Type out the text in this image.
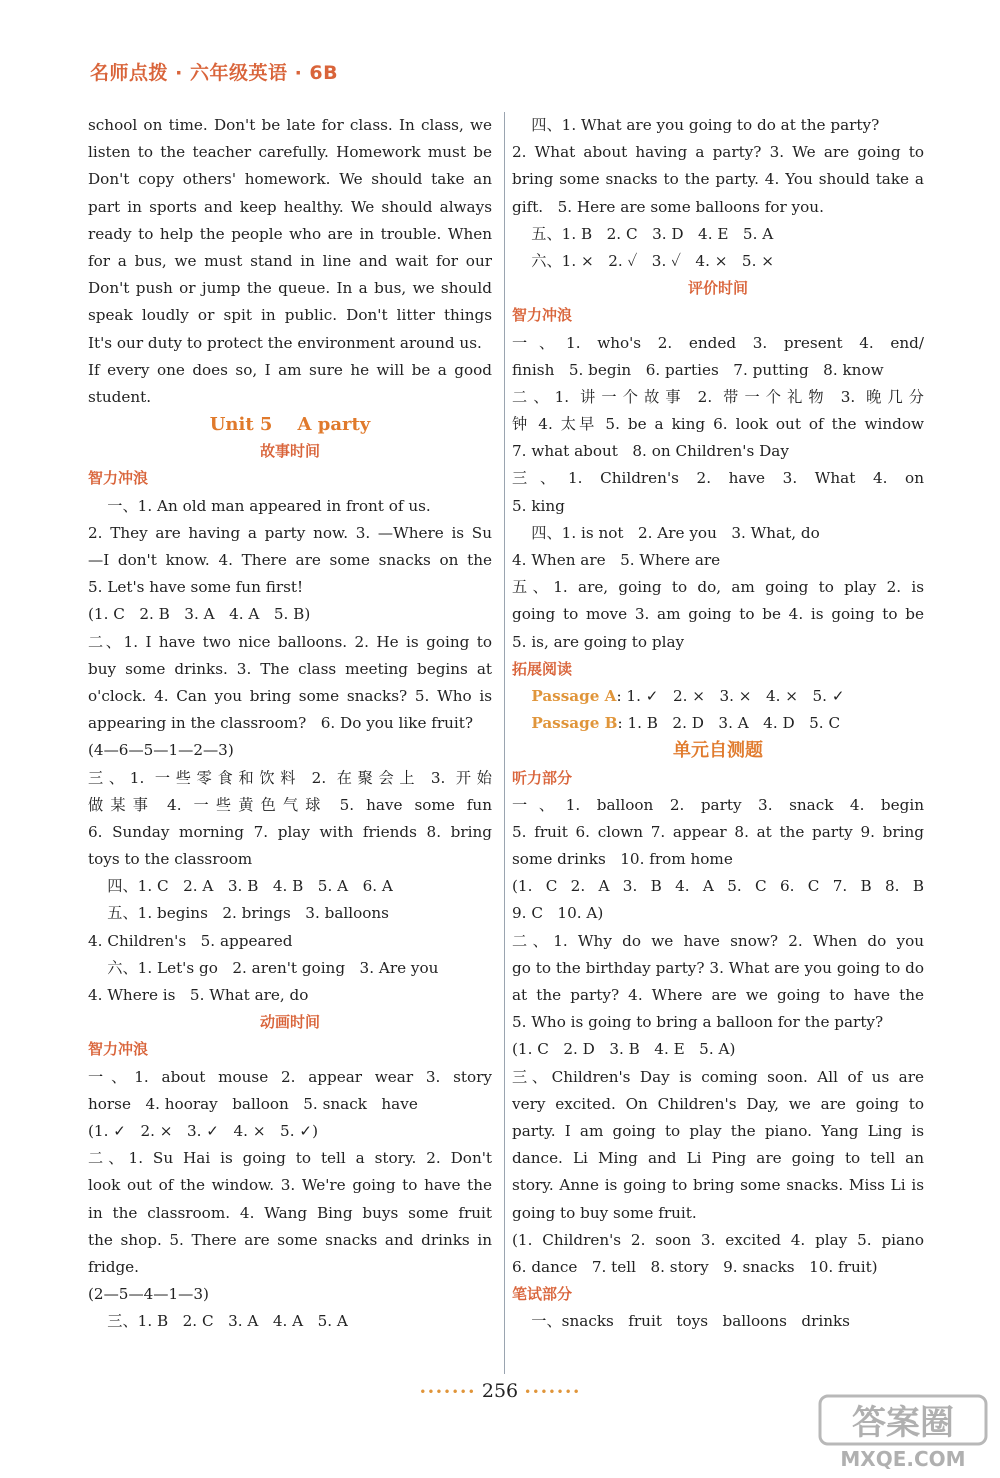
名师点拨 · 六年级英语 · 6B
school on time. Don't be late for class. In class, we
listen to the teacher carefully. Homework must be
Don't copy others' homework. We should take an
part in sports and keep healthy. We should always
ready to help the people who are in trouble. When
for a bus, we must stand in line and wait for our
Don't push or jump the queue. In a bus, we should
speak loudly or spit in public. Don't litter things
It's our duty to protect the environment around us.
If every one does so, I am sure he will be a good
student.
Unit 5    A party
故事时间
智力冲浪
一、1. An old man appeared in front of us.
2. They are having a party now. 3. —Where is Su
—I don't know. 4. There are some snacks on the
5. Let's have some fun first!
(1. C   2. B   3. A   4. A   5. B)
二、1. I have two nice balloons. 2. He is going to
buy some drinks. 3. The class meeting begins at
o'clock. 4. Can you bring some snacks? 5. Who is
appearing in the classroom?   6. Do you like fruit?
(4—6—5—1—2—3)
三、1. 一些零食和饮料 2. 在聚会上 3. 开始
做某事 4. 一些黄色气球 5. have some fun
6. Sunday morning 7. play with friends 8. bring
toys to the classroom
四、1. C   2. A   3. B   4. B   5. A   6. A
五、1. begins   2. brings   3. balloons
4. Children's   5. appeared
六、1. Let's go   2. aren't going   3. Are you
4. Where is   5. What are, do
动画时间
智力冲浪
一、1. about mouse 2. appear wear 3. story
horse   4. hooray   balloon   5. snack   have
(1. ✓   2. ×   3. ✓   4. ×   5. ✓)
二、1. Su Hai is going to tell a story. 2. Don't
look out of the window. 3. We're going to have the
in the classroom. 4. Wang Bing buys some fruit
the shop. 5. There are some snacks and drinks in
fridge.
(2—5—4—1—3)
三、1. B   2. C   3. A   4. A   5. A
四、1. What are you going to do at the party?
2. What about having a party? 3. We are going to
bring some snacks to the party. 4. You should take a
gift.   5. Here are some balloons for you.
五、1. B   2. C   3. D   4. E   5. A
六、1. ×   2. ✓   3. ✓   4. ×   5. ×
评价时间
智力冲浪
一、1. who's 2. ended 3. present 4. end/
finish   5. begin   6. parties   7. putting   8. know
二、1. 讲一个故事 2. 带一个礼物 3. 晚几分
钟 4. 太早 5. be a king 6. look out of the window
7. what about   8. on Children's Day
三、1. Children's 2. have 3. What 4. on
5. king
四、1. is not   2. Are you   3. What, do
4. When are   5. Where are
五、1. are, going to do, am going to play 2. is
going to move 3. am going to be 4. is going to be
5. is, are going to play
拓展阅读
Passage A: 1. ✓   2. ×   3. ×   4. ×   5. ✓
Passage B: 1. B   2. D   3. A   4. D   5. C
单元自测题
听力部分
一、1. balloon 2. party 3. snack 4. begin
5. fruit 6. clown 7. appear 8. at the party 9. bring
some drinks   10. from home
(1. C 2. A 3. B 4. A 5. C 6. C 7. B 8. B
9. C   10. A)
二、1. Why do we have snow? 2. When do you
go to the birthday party? 3. What are you going to do
at the party? 4. Where are we going to have the
5. Who is going to bring a balloon for the party?
(1. C   2. D   3. B   4. E   5. A)
三、Children's Day is coming soon. All of us are
very excited. On Children's Day, we are going to
party. I am going to play the piano. Yang Ling is
dance. Li Ming and Li Ping are going to tell an
story. Anne is going to bring some snacks. Miss Li is
going to buy some fruit.
(1. Children's 2. soon 3. excited 4. play 5. piano
6. dance   7. tell   8. story   9. snacks   10. fruit)
笔试部分
一、snacks   fruit   toys   balloons   drinks
••••••• 256 •••••••
答案圈
MXQE.COM
